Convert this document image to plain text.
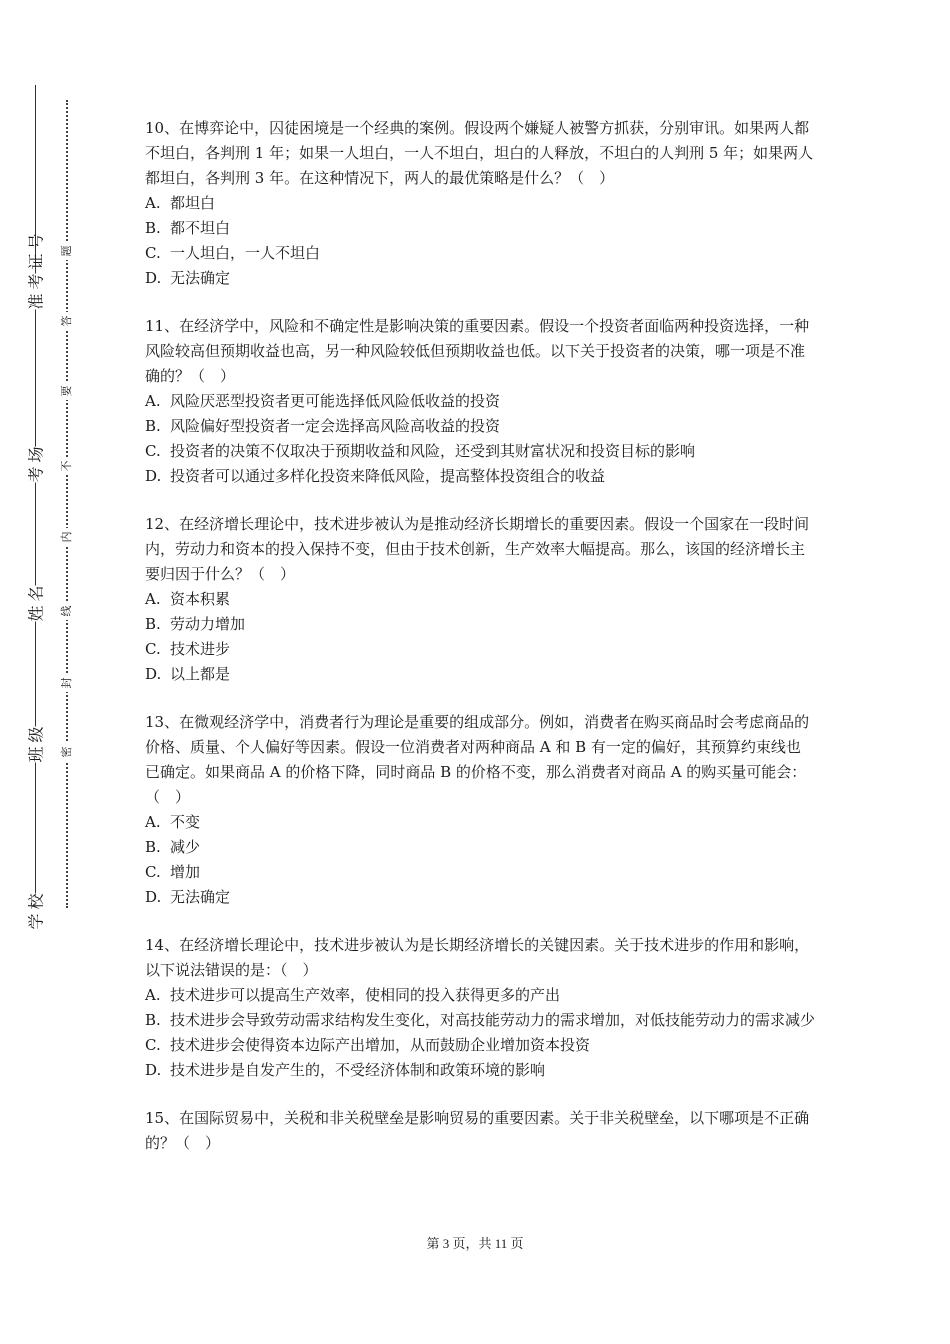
准考证号
考场
姓名
班级
学校
题
答
要
不
内
线
封
密

10、在博弈论中，囚徒困境是一个经典的案例。假设两个嫌疑人被警方抓获，分别审讯。如果两人都不坦白，各判刑 1 年；如果一人坦白，一人不坦白，坦白的人释放，不坦白的人判刑 5 年；如果两人都坦白，各判刑 3 年。在这种情况下，两人的最优策略是什么？（　）

A. 都坦白
B. 都不坦白
C. 一人坦白，一人不坦白
D. 无法确定

11、在经济学中，风险和不确定性是影响决策的重要因素。假设一个投资者面临两种投资选择，一种风险较高但预期收益也高，另一种风险较低但预期收益也低。以下关于投资者的决策，哪一项是不准确的？（　）

A. 风险厌恶型投资者更可能选择低风险低收益的投资
B. 风险偏好型投资者一定会选择高风险高收益的投资
C. 投资者的决策不仅取决于预期收益和风险，还受到其财富状况和投资目标的影响
D. 投资者可以通过多样化投资来降低风险，提高整体投资组合的收益

12、在经济增长理论中，技术进步被认为是推动经济长期增长的重要因素。假设一个国家在一段时间内，劳动力和资本的投入保持不变，但由于技术创新，生产效率大幅提高。那么，该国的经济增长主要归因于什么？（　）

A. 资本积累
B. 劳动力增加
C. 技术进步
D. 以上都是

13、在微观经济学中，消费者行为理论是重要的组成部分。例如，消费者在购买商品时会考虑商品的价格、质量、个人偏好等因素。假设一位消费者对两种商品 A 和 B 有一定的偏好，其预算约束线也已确定。如果商品 A 的价格下降，同时商品 B 的价格不变，那么消费者对商品 A 的购买量可能会：（　）

A. 不变
B. 减少
C. 增加
D. 无法确定

14、在经济增长理论中，技术进步被认为是长期经济增长的关键因素。关于技术进步的作用和影响，以下说法错误的是：（　）

A. 技术进步可以提高生产效率，使相同的投入获得更多的产出
B. 技术进步会导致劳动需求结构发生变化，对高技能劳动力的需求增加，对低技能劳动力的需求减少
C. 技术进步会使得资本边际产出增加，从而鼓励企业增加资本投资
D. 技术进步是自发产生的，不受经济体制和政策环境的影响

15、在国际贸易中，关税和非关税壁垒是影响贸易的重要因素。关于非关税壁垒，以下哪项是不正确的？（　）

第 3 页，共 11 页
